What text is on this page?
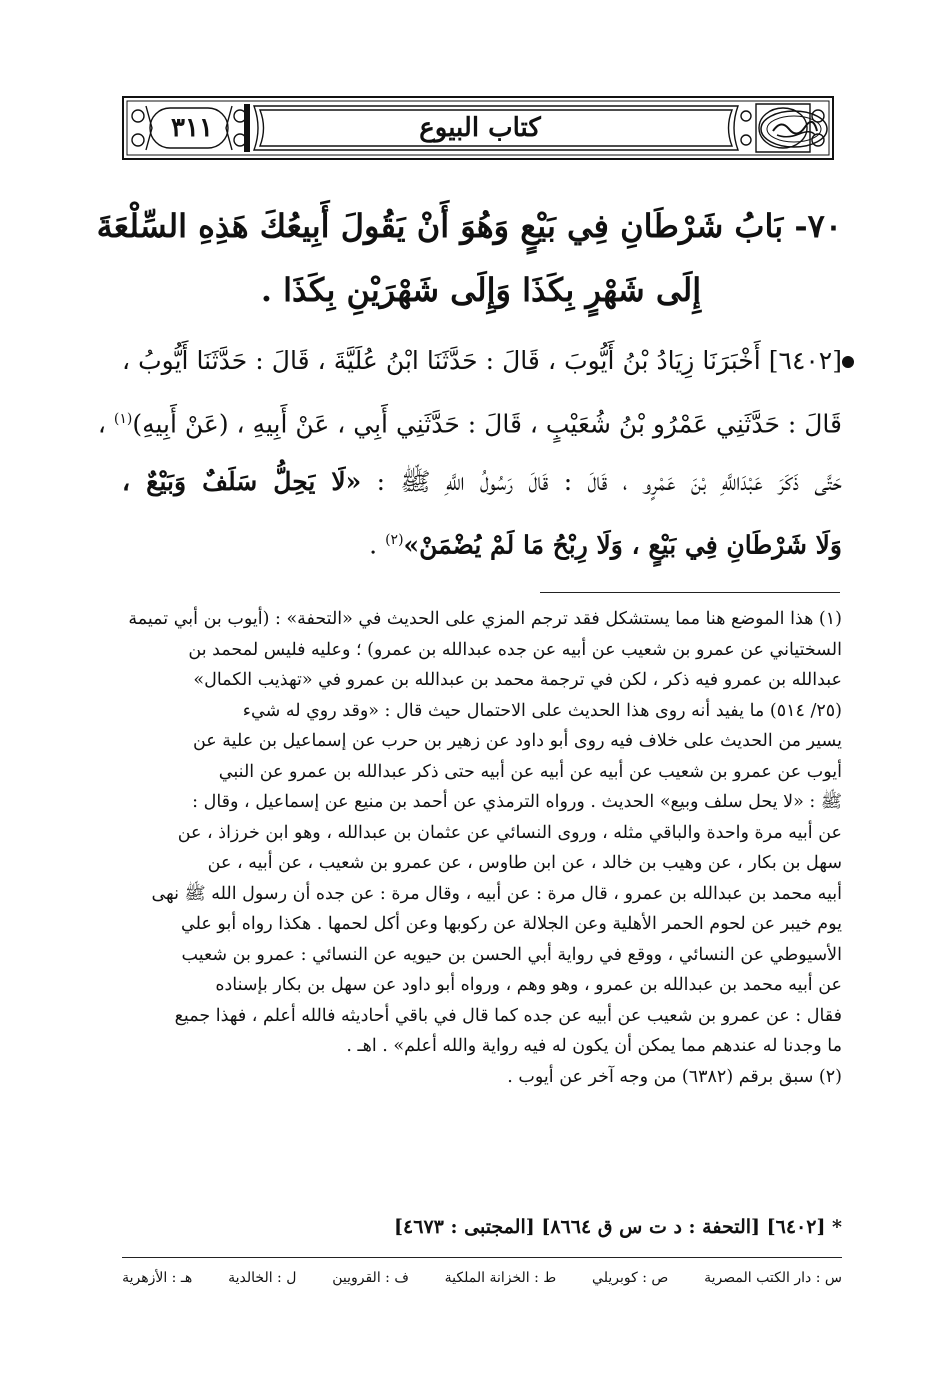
٣١١	كتاب البيوع
٧٠- بَابُ شَرْطَانِ فِي بَيْعٍ وَهُوَ أَنْ يَقُولَ أَبِيعُكَ هَذِهِ السِّلْعَةَ
إِلَى شَهْرٍ بِكَذَا وَإِلَى شَهْرَيْنِ بِكَذَا .
[٦٤٠٢] أَخْبَرَنَا زِيَادُ بْنُ أَيُّوبَ ، قَالَ : حَدَّثَنَا ابْنُ عُلَيَّةَ ، قَالَ : حَدَّثَنَا أَيُّوبُ ،
قَالَ : حَدَّثَنِي عَمْرُو بْنُ شُعَيْبٍ ، قَالَ : حَدَّثَنِي أَبِي ، عَنْ أَبِيهِ ، (عَنْ أَبِيهِ)$^{(١)}$ ،
حَتَّى ذَكَرَ عَبْدَاللَّهِ بْنَ عَمْرٍو ، قَالَ : قَالَ رَسُولُ اللَّهِ ﷺ : «لَا يَحِلُّ سَلَفٌ وَبَيْعٌ ،
وَلَا شَرْطَانِ فِي بَيْعٍ ، وَلَا رِبْحُ مَا لَمْ يُضْمَنْ»$^{(٢)}$ .
(١) هذا الموضع هنا مما يستشكل فقد ترجم المزي على الحديث في «التحفة» : (أيوب بن أبي تميمة
السختياني عن عمرو بن شعيب عن أبيه عن جده عبدالله بن عمرو) ؛ وعليه فليس لمحمد بن
عبدالله بن عمرو فيه ذكر ، لكن في ترجمة محمد بن عبدالله بن عمرو في «تهذيب الكمال»
(٢٥/ ٥١٤) ما يفيد أنه روى هذا الحديث على الاحتمال حيث قال : «وقد روي له شيء
يسير من الحديث على خلاف فيه روى أبو داود عن زهير بن حرب عن إسماعيل بن علية عن
أيوب عن عمرو بن شعيب عن أبيه عن أبيه عن أبيه حتى ذكر عبدالله بن عمرو عن النبي
ﷺ : «لا يحل سلف وبيع» الحديث . ورواه الترمذي عن أحمد بن منيع عن إسماعيل ، وقال :
عن أبيه مرة واحدة والباقي مثله ، وروى النسائي عن عثمان بن عبدالله ، وهو ابن خرزاذ ، عن
سهل بن بكار ، عن وهيب بن خالد ، عن ابن طاوس ، عن عمرو بن شعيب ، عن أبيه ، عن
أبيه محمد بن عبدالله بن عمرو ، قال مرة : عن أبيه ، وقال مرة : عن جده أن رسول الله ﷺ نهى
يوم خيبر عن لحوم الحمر الأهلية وعن الجلالة عن ركوبها وعن أكل لحمها . هكذا رواه أبو علي
الأسيوطي عن النسائي ، ووقع في رواية أبي الحسن بن حيويه عن النسائي : عمرو بن شعيب
عن أبيه محمد بن عبدالله بن عمرو ، وهو وهم ، ورواه أبو داود عن سهل بن بكار بإسناده
فقال : عن عمرو بن شعيب عن أبيه عن جده كما قال في باقي أحاديثه فالله أعلم ، فهذا جميع
ما وجدنا له عندهم مما يمكن أن يكون له فيه رواية والله أعلم» . اهـ .
(٢) سبق برقم (٦٣٨٢) من وجه آخر عن أيوب .
* [٦٤٠٢] [التحفة : د ت س ق ٨٦٦٤] [المجتبى : ٤٦٧٣]
س : دار الكتب المصرية
ص : كوبريلي
ط : الخزانة الملكية
ف : القرويين
ل : الخالدية
هـ : الأزهرية
